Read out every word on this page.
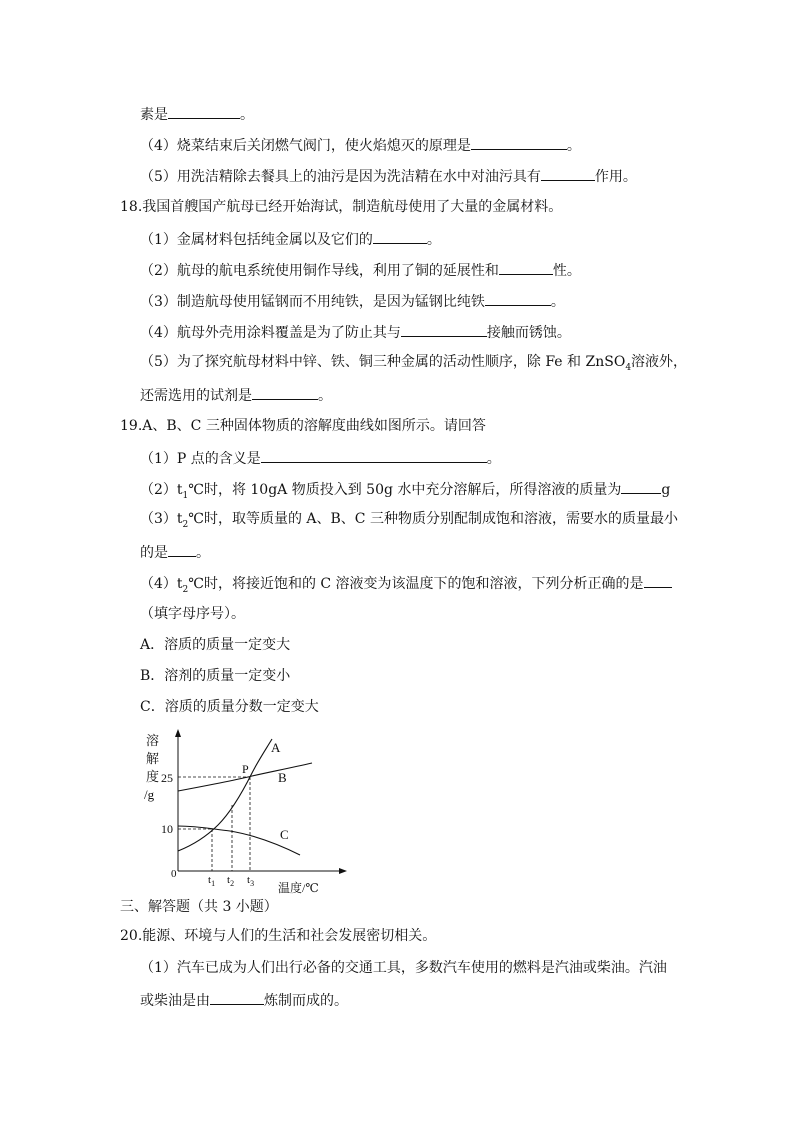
素是	。
（4）烧菜结束后关闭燃气阀门，使火焰熄灭的原理是	。
（5）用洗洁精除去餐具上的油污是因为洗洁精在水中对油污具有	作用。
18.我国首艘国产航母已经开始海试，制造航母使用了大量的金属材料。
（1）金属材料包括纯金属以及它们的	。
（2）航母的航电系统使用铜作导线，利用了铜的延展性和	性。
（3）制造航母使用锰钢而不用纯铁，是因为锰钢比纯铁	。
（4）航母外壳用涂料覆盖是为了防止其与	接触而锈蚀。
（5）为了探究航母材料中锌、铁、铜三种金属的活动性顺序，除 Fe 和 ZnSO$_4$溶液外，
还需选用的试剂是	。
19.A、B、C 三种固体物质的溶解度曲线如图所示。请回答
（1）P 点的含义是	。
$(2)t_1℃$时，将 10gA 物质投入到 50g 水中充分溶解后，所得溶液的质量为	g
$(3)t_2℃$时，取等质量的 A、B、C 三种物质分别配制成饱和溶液，需要水的质量最小
的是 。
$(4)t_2℃$时，将接近饱和的 C 溶液变为该温度下的饱和溶液，下列分析正确的是
（填字母序号）。
A．溶质的质量一定变大
B．溶剂的质量一定变小
C．溶质的质量分数一定变大
溶
解
度
/g
25
10
0
A
B
C
P
$t_1$ $t_2$ $t_3$ 温度/℃
三、解答题（共 3 小题）
20.能源、环境与人们的生活和社会发展密切相关。
（1）汽车已成为人们出行必备的交通工具，多数汽车使用的燃料是汽油或柴油。汽油
或柴油是由	炼制而成的。
